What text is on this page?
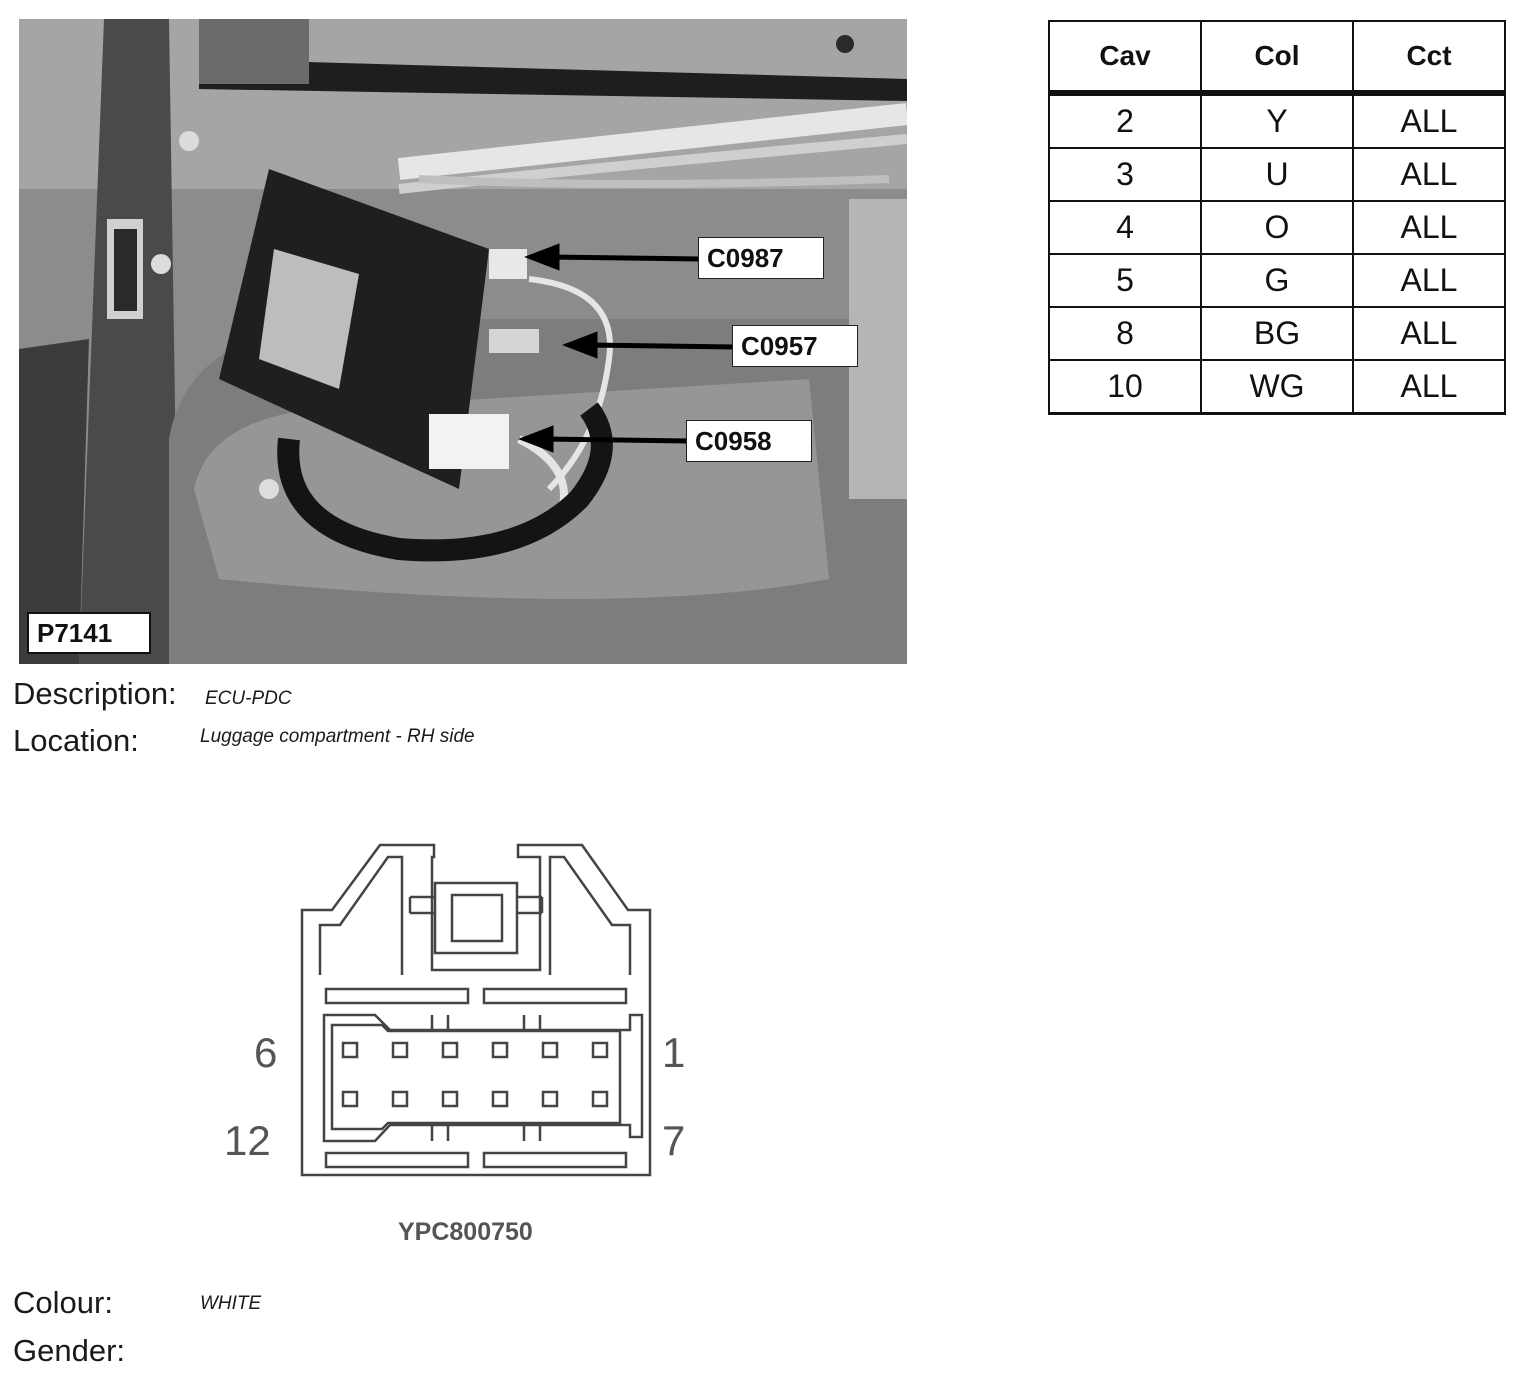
C0987
C0957
C0958
P7141
Cav	Col	Cct
2	Y	ALL
3	U	ALL
4	O	ALL
5	G	ALL
8	BG	ALL
10	WG	ALL
Description: ECU-PDC
Location:	Luggage compartment - RH side
6	1
12	7
YPC800750
Colour:	WHITE
Gender:
